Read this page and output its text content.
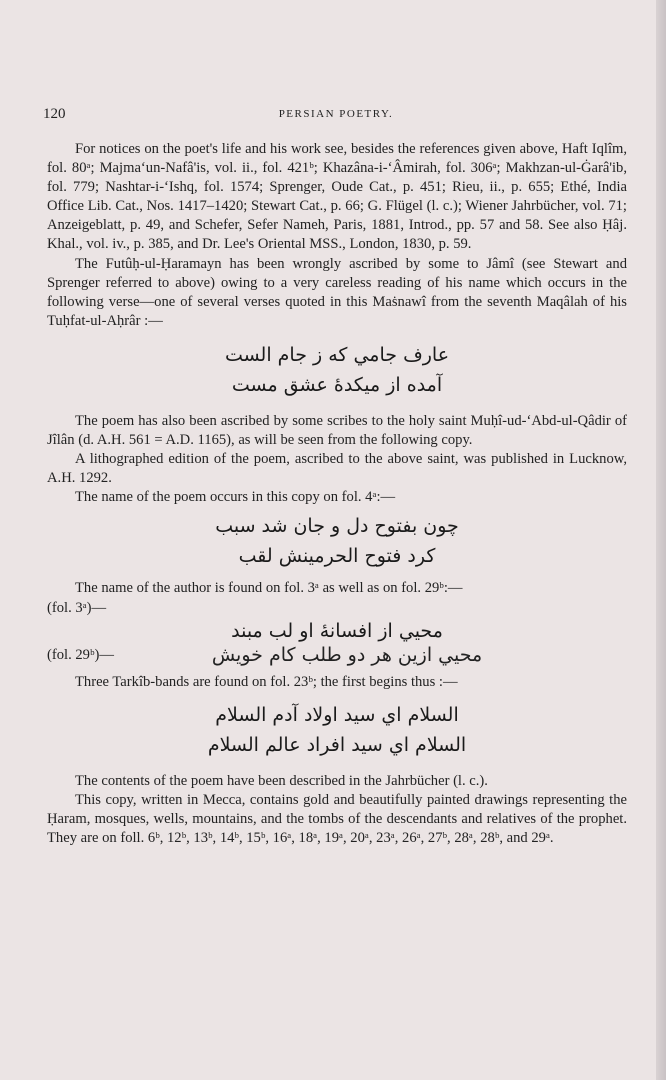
120	PERSIAN POETRY.

For notices on the poet's life and his work see, besides the references given above, Haft Iqlîm, fol. 80ᵃ; Majma‘un-Nafâ'is, vol. ii., fol. 421ᵇ; Khazâna-i-‘Âmirah, fol. 306ᵃ; Makhzan-ul-Ġarâ'ib, fol. 779; Nashtar-i-‘Ishq, fol. 1574; Sprenger, Oude Cat., p. 451; Rieu, ii., p. 655; Ethé, India Office Lib. Cat., Nos. 1417–1420; Stewart Cat., p. 66; G. Flügel (l. c.); Wiener Jahrbücher, vol. 71; Anzeigeblatt, p. 49, and Schefer, Sefer Nameh, Paris, 1881, Introd., pp. 57 and 58. See also Ḥâj. Khal., vol. iv., p. 385, and Dr. Lee's Oriental MSS., London, 1830, p. 59.

The Futûḥ-ul-Ḥaramayn has been wrongly ascribed by some to Jâmî (see Stewart and Sprenger referred to above) owing to a very careless reading of his name which occurs in the following verse—one of several verses quoted in this Maṡnawî from the seventh Maqâlah of his Tuḥfat-ul-Aḥrâr :—

عارف جامي كه ز جام الست
آمده از ميكدهٔ عشق مست

The poem has also been ascribed by some scribes to the holy saint Muḥî-ud-‘Abd-ul-Qâdir of Jîlân (d. A.H. 561 = A.D. 1165), as will be seen from the following copy.

A lithographed edition of the poem, ascribed to the above saint, was published in Lucknow, A.H. 1292.

The name of the poem occurs in this copy on fol. 4ᵃ:—

چون بفتوح دل و جان شد سبب
كرد فتوح الحرمينش لقب

The name of the author is found on fol. 3ᵃ as well as on fol. 29ᵇ:—

(fol. 3ᵃ)—
محيي از افسانهٔ او لب مبند
(fol. 29ᵇ)—	محيي ازين هر دو طلب كام خويش

Three Tarkîb-bands are found on fol. 23ᵇ; the first begins thus :—

السلام اي سيد اولاد آدم السلام
السلام اي سيد افراد عالم السلام

The contents of the poem have been described in the Jahrbücher (l. c.).

This copy, written in Mecca, contains gold and beautifully painted drawings representing the Ḥaram, mosques, wells, mountains, and the tombs of the descendants and relatives of the prophet. They are on foll. 6ᵇ, 12ᵇ, 13ᵇ, 14ᵇ, 15ᵇ, 16ᵃ, 18ᵃ, 19ᵃ, 20ᵃ, 23ᵃ, 26ᵃ, 27ᵇ, 28ᵃ, 28ᵇ, and 29ᵃ.
